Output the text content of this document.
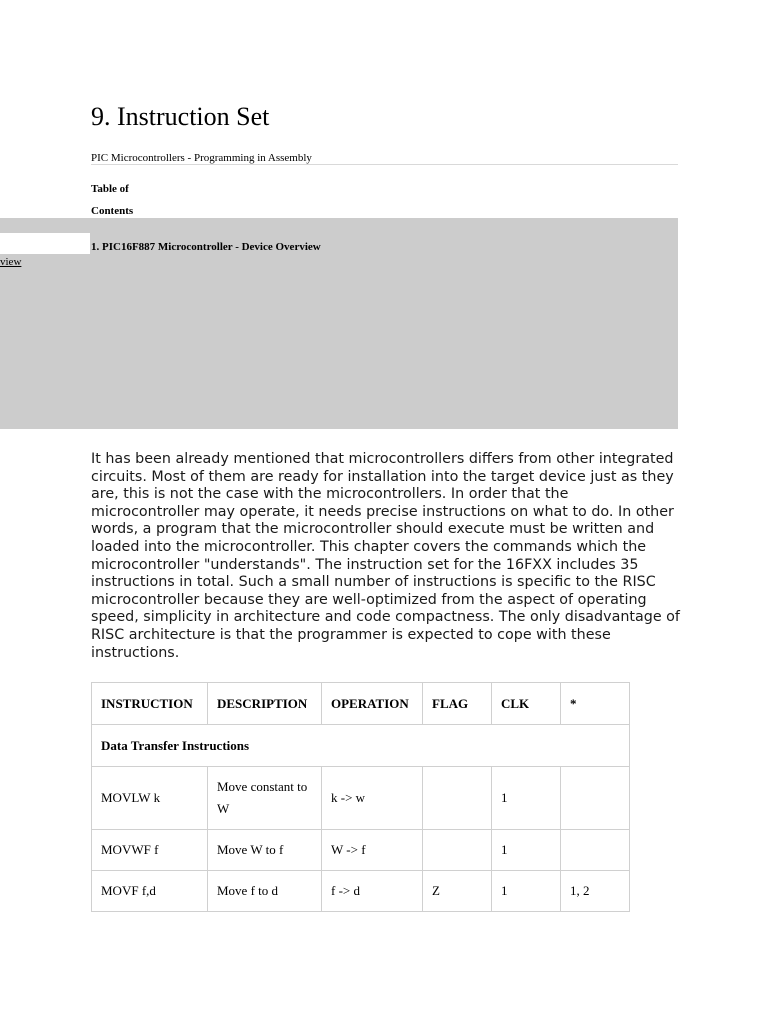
9. Instruction Set
PIC Microcontrollers - Programming in Assembly
Table of
Contents
view
1. PIC16F887 Microcontroller - Device Overview

It has been already mentioned that microcontrollers differs from other integrated circuits. Most of them are ready for installation into the target device just as they are, this is not the case with the microcontrollers. In order that the microcontroller may operate, it needs precise instructions on what to do. In other words, a program that the microcontroller should execute must be written and loaded into the microcontroller. This chapter covers the commands which the microcontroller "understands". The instruction set for the 16FXX includes 35 instructions in total. Such a small number of instructions is specific to the RISC microcontroller because they are well-optimized from the aspect of operating speed, simplicity in architecture and code compactness. The only disadvantage of RISC architecture is that the programmer is expected to cope with these instructions.

INSTRUCTION	DESCRIPTION	OPERATION	FLAG	CLK	*
Data Transfer Instructions					
MOVLW k	Move constant to W	k -> w		1	
MOVWF f	Move W to f	W -> f		1	
MOVF f,d	Move f to d	f -> d	Z	1	1, 2
